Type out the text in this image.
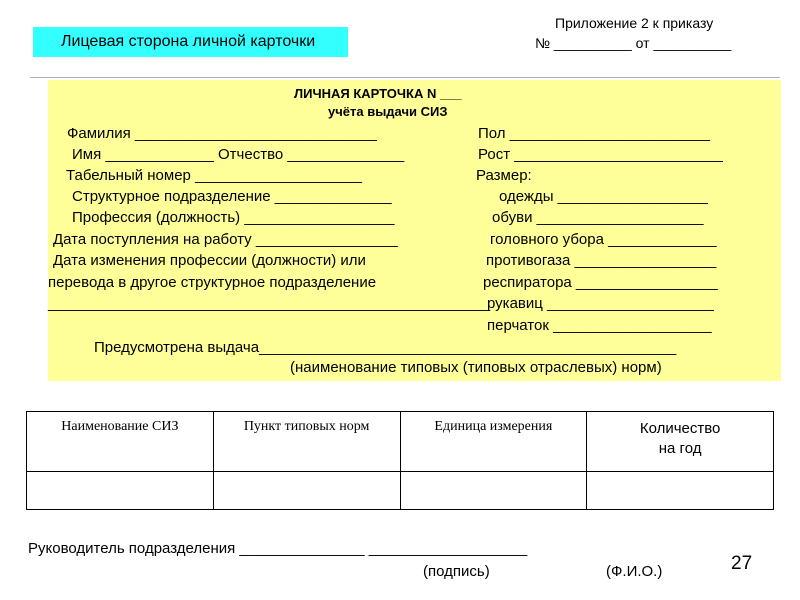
Лицевая сторона личной карточки
Приложение 2 к приказу
№ __________ от __________
ЛИЧНАЯ КАРТОЧКА N ___
учёта выдачи СИЗ
Фамилия _____________________________
Имя _____________ Отчество ______________
Табельный номер ____________________
Структурное подразделение ______________
Профессия (должность) __________________
Дата поступления на работу _________________
Дата изменения профессии (должности) или
перевода в другое структурное подразделение
_____________________________________________________
Пол ________________________
Рост _________________________
Размер:
одежды __________________
обуви ____________________
головного убора _____________
противогаза _________________
респиратора _________________
рукавиц ____________________
перчаток ___________________
Предусмотрена выдача__________________________________________________
(наименование типовых (типовых отраслевых) норм)
Наименование СИЗ	Пункт типовых норм	Единица измерения	Количество
на год

Руководитель подразделения _______________ ___________________
(подпись)	(Ф.И.О.)	27
